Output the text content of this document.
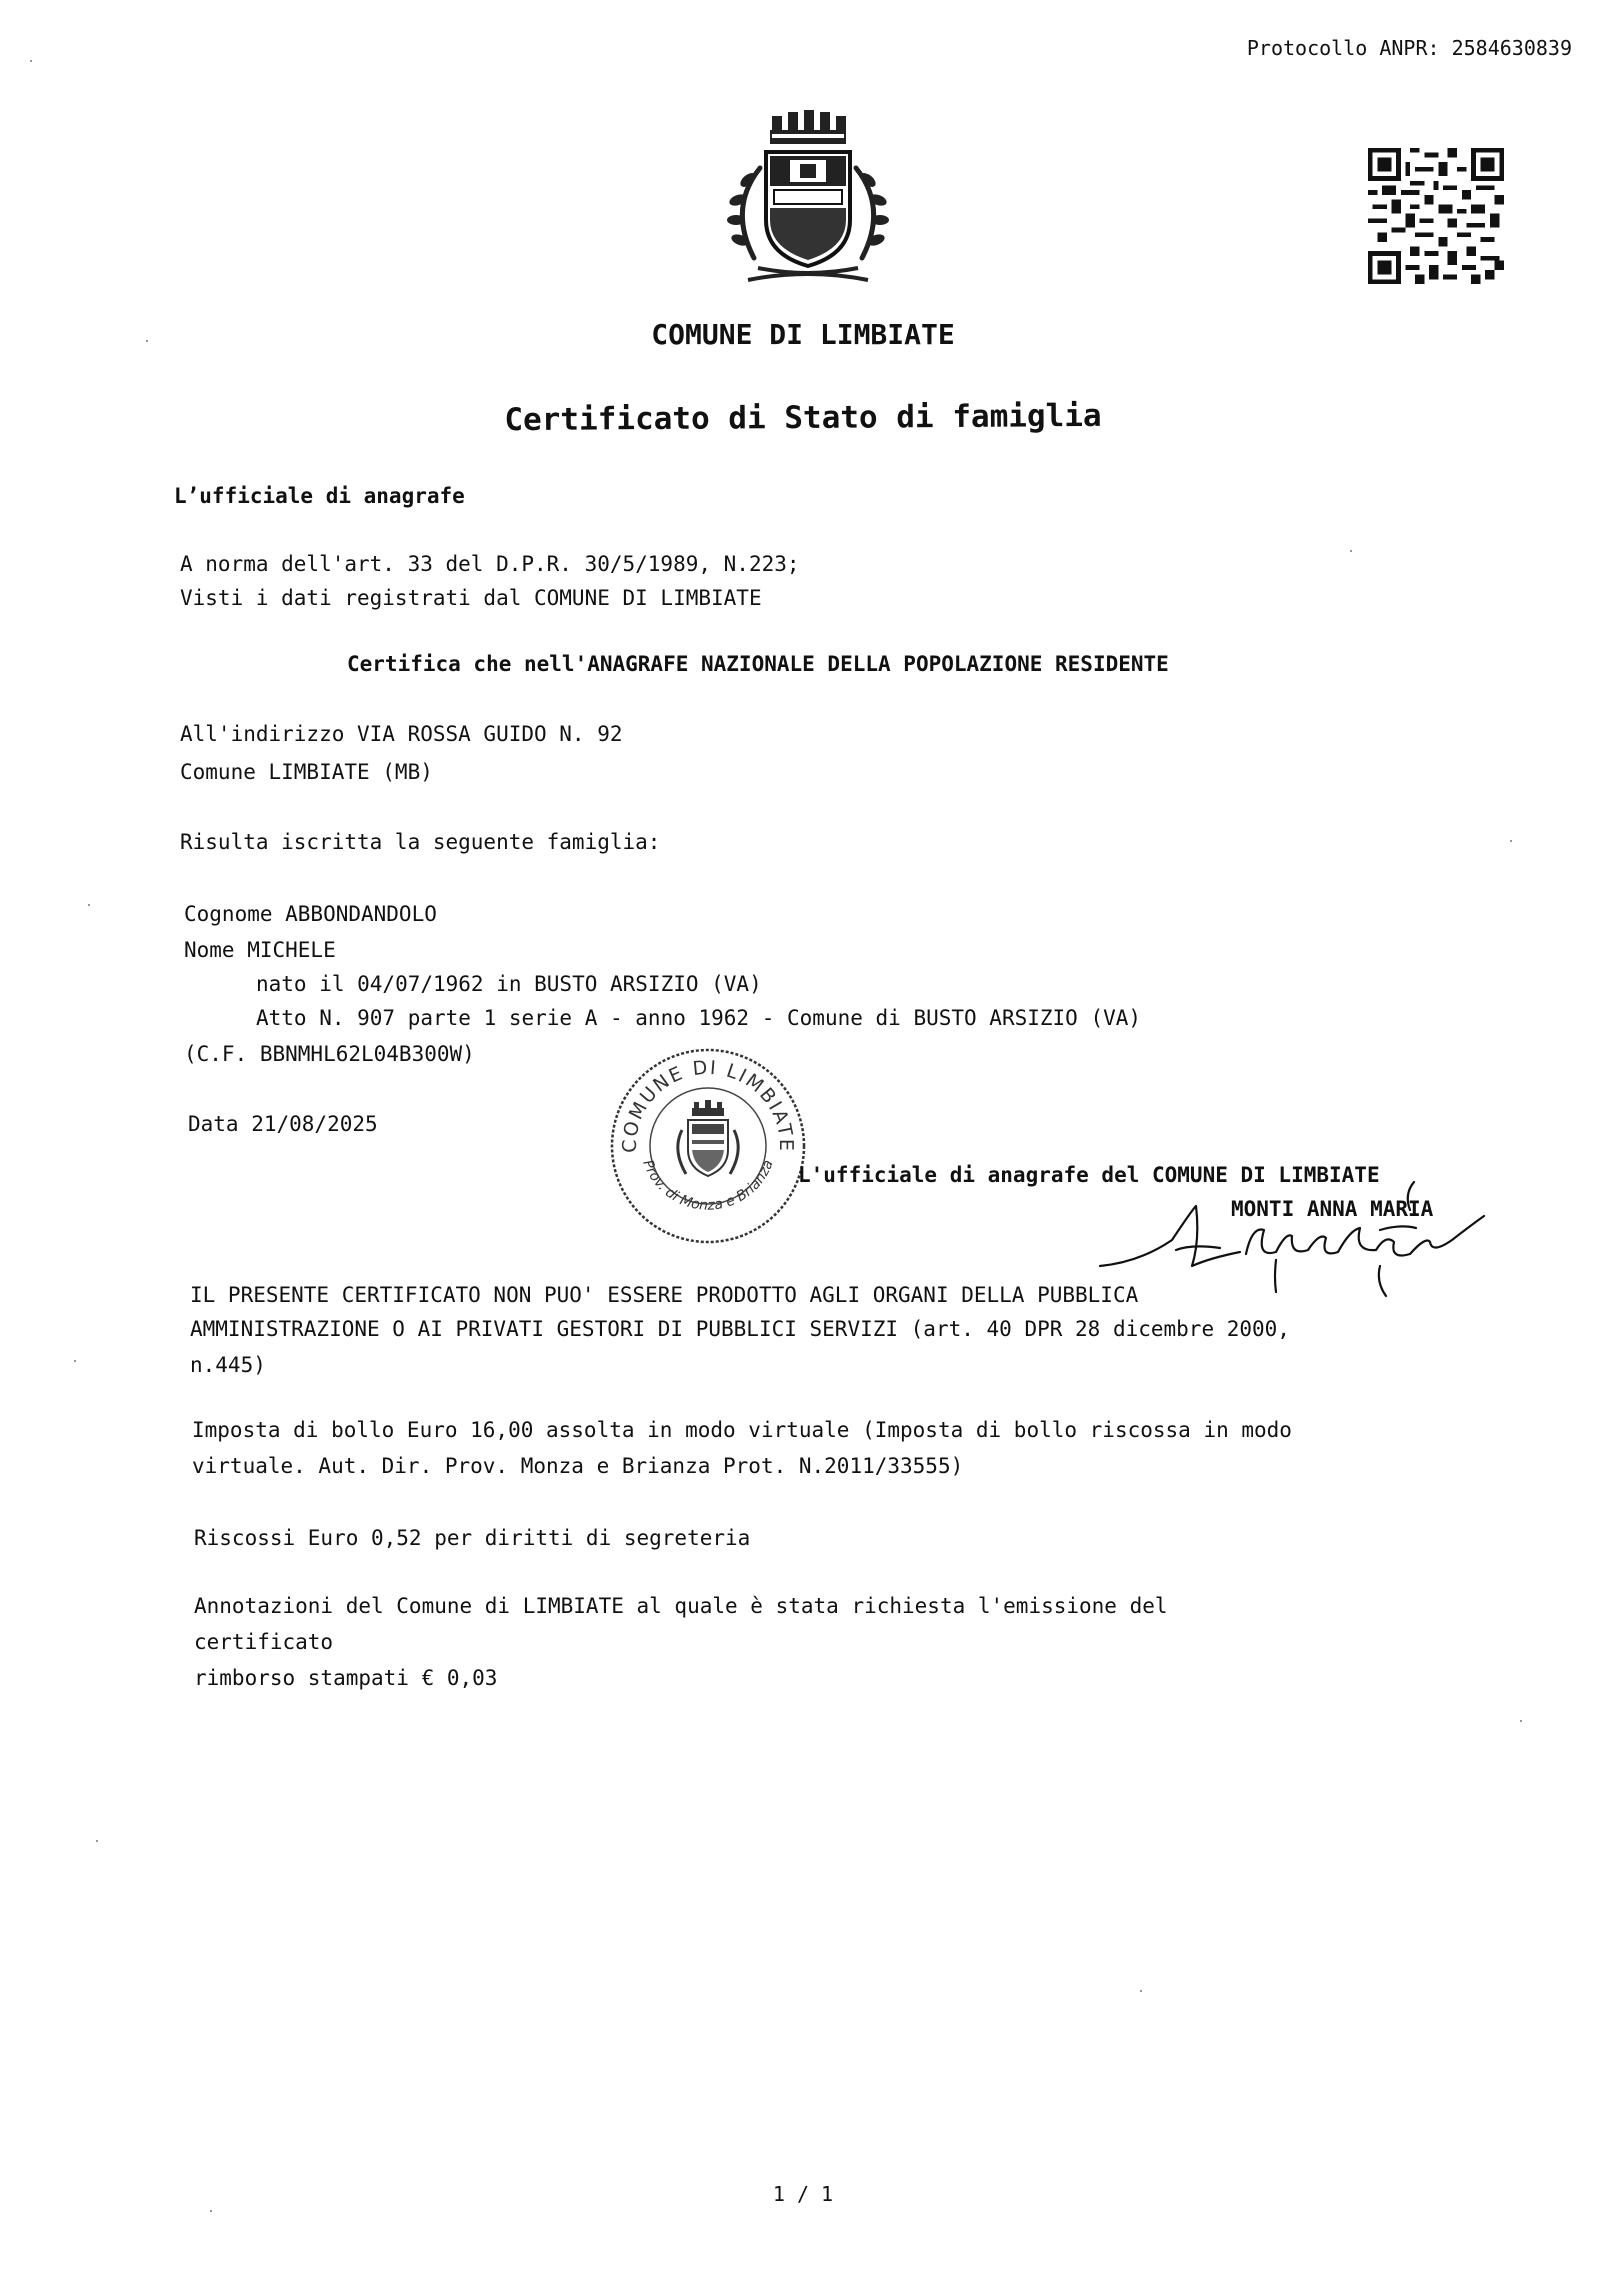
Protocollo ANPR: 2584630839
COMUNE DI LIMBIATE
Certificato di Stato di famiglia
L’ufficiale di anagrafe
A norma dell'art. 33 del D.P.R. 30/5/1989, N.223;
Visti i dati registrati dal COMUNE DI LIMBIATE
Certifica che nell'ANAGRAFE NAZIONALE DELLA POPOLAZIONE RESIDENTE
All'indirizzo VIA ROSSA GUIDO N. 92
Comune LIMBIATE (MB)
Risulta iscritta la seguente famiglia:
Cognome ABBONDANDOLO
Nome MICHELE
nato il 04/07/1962 in BUSTO ARSIZIO (VA)
Atto N. 907 parte 1 serie A - anno 1962 - Comune di BUSTO ARSIZIO (VA)
(C.F. BBNMHL62L04B300W)
Data 21/08/2025
COMUNE DI LIMBIATE
Prov. di Monza e Brianza L'ufficiale di anagrafe del COMUNE DI LIMBIATE
MONTI ANNA MARIA
IL PRESENTE CERTIFICATO NON PUO' ESSERE PRODOTTO AGLI ORGANI DELLA PUBBLICA
AMMINISTRAZIONE O AI PRIVATI GESTORI DI PUBBLICI SERVIZI (art. 40 DPR 28 dicembre 2000,
n.445)
Imposta di bollo Euro 16,00 assolta in modo virtuale (Imposta di bollo riscossa in modo
virtuale. Aut. Dir. Prov. Monza e Brianza Prot. N.2011/33555)
Riscossi Euro 0,52 per diritti di segreteria
Annotazioni del Comune di LIMBIATE al quale è stata richiesta l'emissione del
certificato
rimborso stampati € 0,03
1 / 1
